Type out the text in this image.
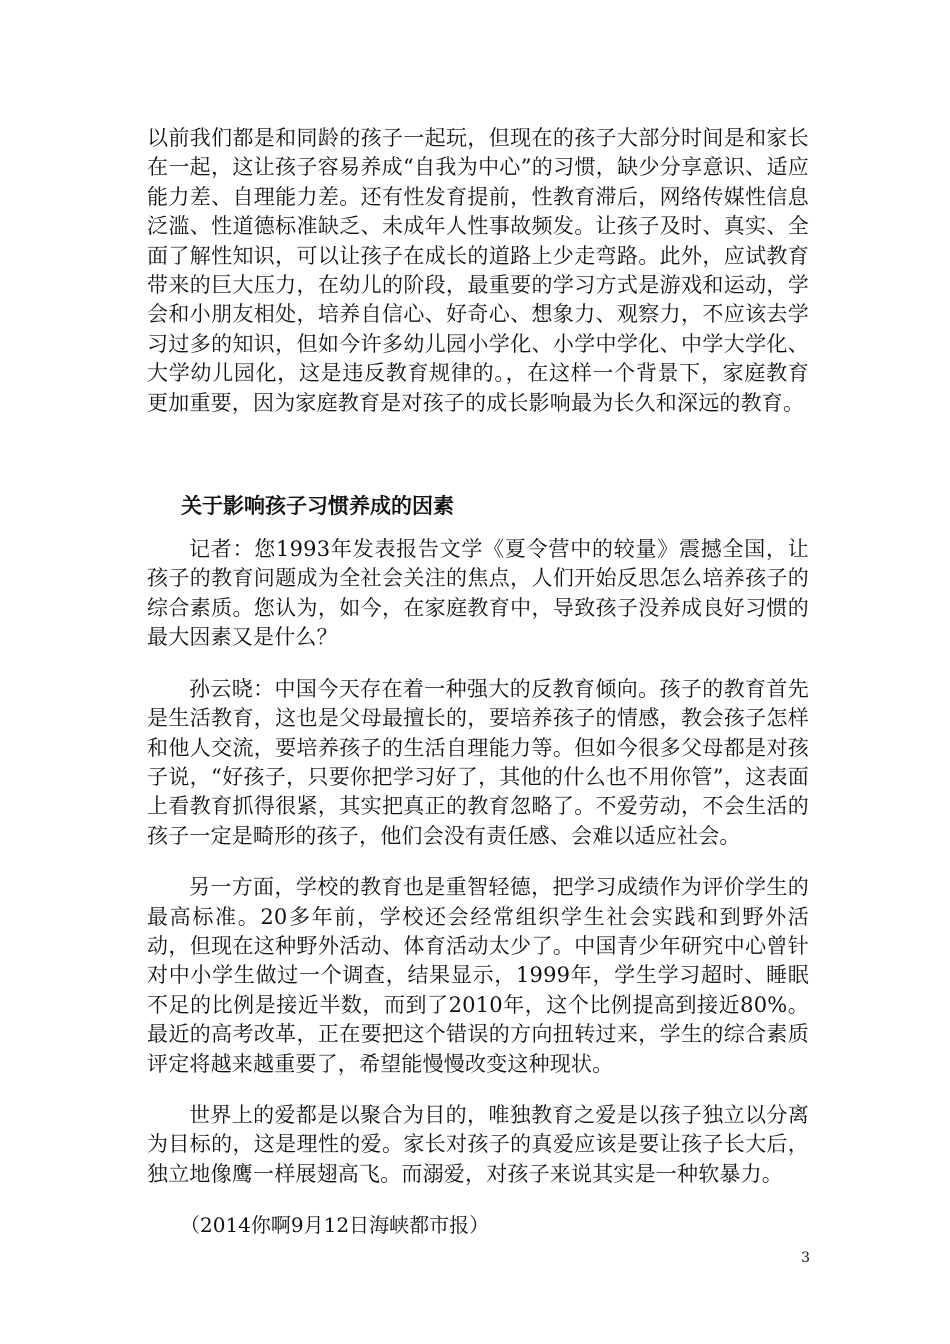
以前我们都是和同龄的孩子一起玩，但现在的孩子大部分时间是和家长在一起，这让孩子容易养成“自我为中心”的习惯，缺少分享意识、适应能力差、自理能力差。还有性发育提前，性教育滞后，网络传媒性信息泛滥、性道德标准缺乏、未成年人性事故频发。让孩子及时、真实、全面了解性知识，可以让孩子在成长的道路上少走弯路。此外，应试教育带来的巨大压力，在幼儿的阶段，最重要的学习方式是游戏和运动，学会和小朋友相处，培养自信心、好奇心、想象力、观察力，不应该去学习过多的知识，但如今许多幼儿园小学化、小学中学化、中学大学化、大学幼儿园化，这是违反教育规律的。，在这样一个背景下，家庭教育更加重要，因为家庭教育是对孩子的成长影响最为长久和深远的教育。

关于影响孩子习惯养成的因素

记者：您1993年发表报告文学《夏令营中的较量》震撼全国，让孩子的教育问题成为全社会关注的焦点，人们开始反思怎么培养孩子的综合素质。您认为，如今，在家庭教育中，导致孩子没养成良好习惯的最大因素又是什么？

孙云晓：中国今天存在着一种强大的反教育倾向。孩子的教育首先是生活教育，这也是父母最擅长的，要培养孩子的情感，教会孩子怎样和他人交流，要培养孩子的生活自理能力等。但如今很多父母都是对孩子说，“好孩子，只要你把学习好了，其他的什么也不用你管”，这表面上看教育抓得很紧，其实把真正的教育忽略了。不爱劳动，不会生活的孩子一定是畸形的孩子，他们会没有责任感、会难以适应社会。

另一方面，学校的教育也是重智轻德，把学习成绩作为评价学生的最高标准。20多年前，学校还会经常组织学生社会实践和到野外活动，但现在这种野外活动、体育活动太少了。中国青少年研究中心曾针对中小学生做过一个调查，结果显示，1999年，学生学习超时、睡眠不足的比例是接近半数，而到了2010年，这个比例提高到接近80%。最近的高考改革，正在要把这个错误的方向扭转过来，学生的综合素质评定将越来越重要了，希望能慢慢改变这种现状。

世界上的爱都是以聚合为目的，唯独教育之爱是以孩子独立以分离为目标的，这是理性的爱。家长对孩子的真爱应该是要让孩子长大后，独立地像鹰一样展翅高飞。而溺爱，对孩子来说其实是一种软暴力。

（2014你啊9月12日海峡都市报）

3
